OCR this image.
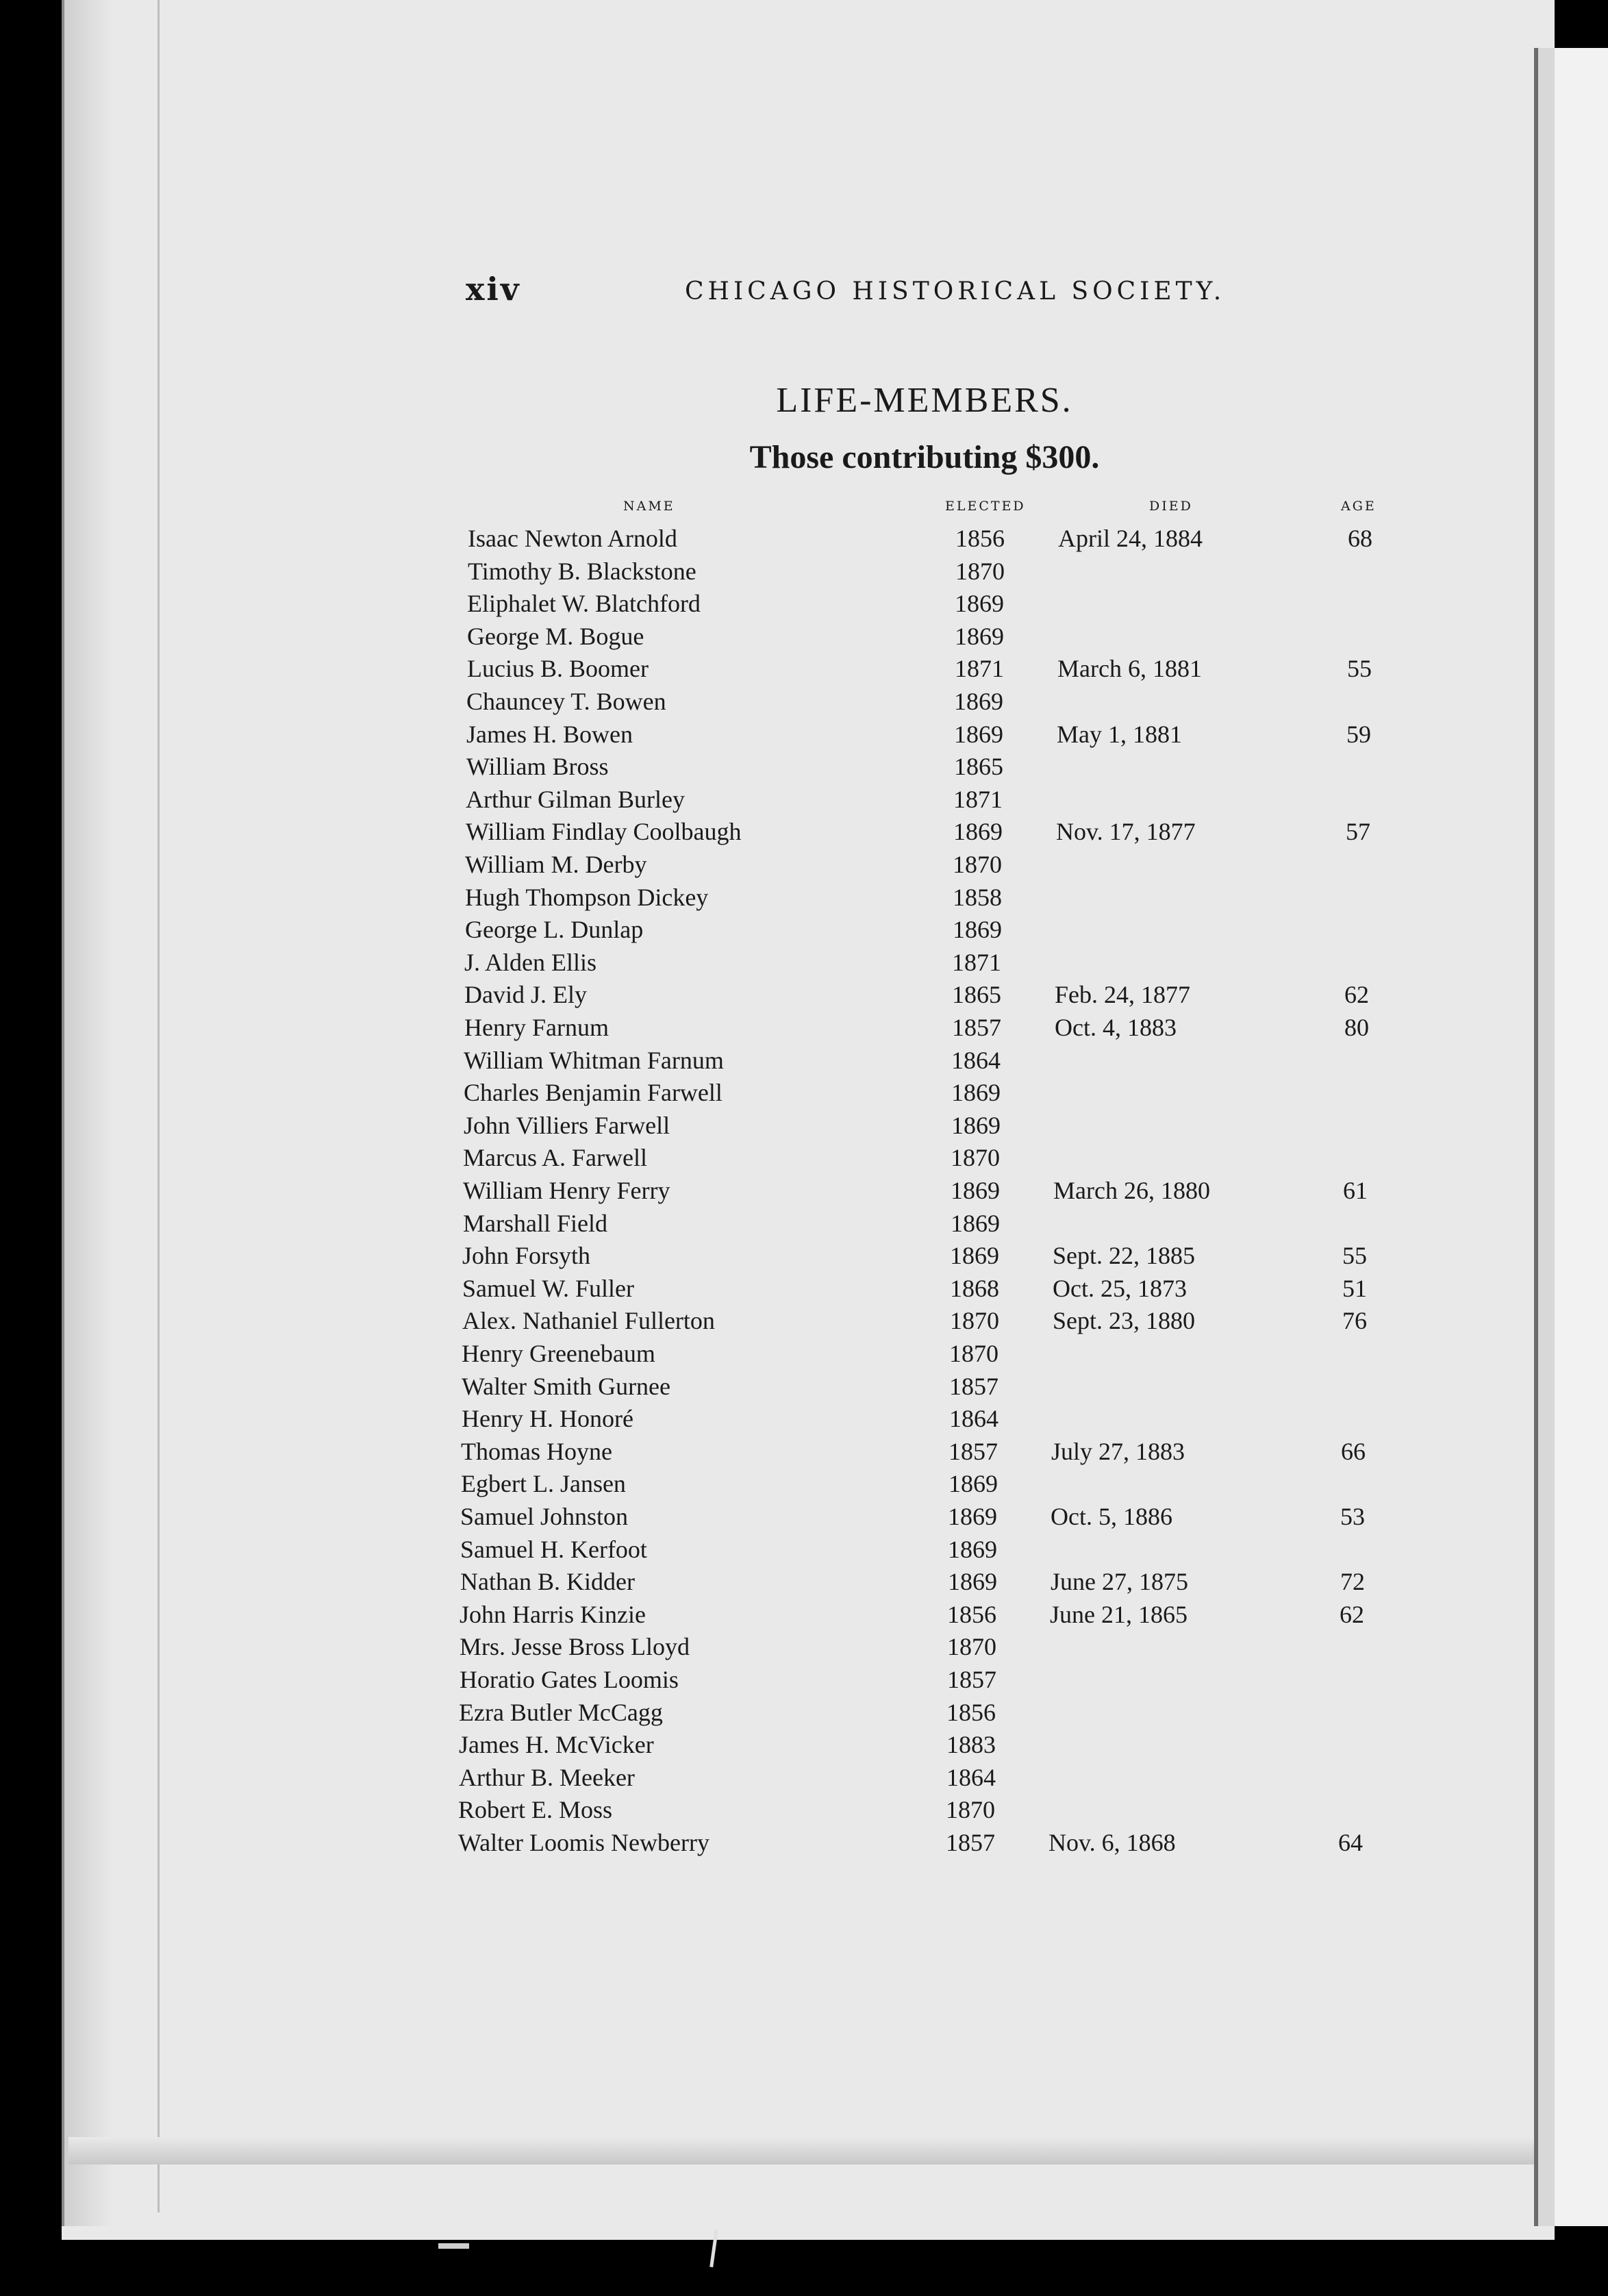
xiv	CHICAGO HISTORICAL SOCIETY.
LIFE-MEMBERS.
Those contributing $300.
NAME	ELECTED	DIED	AGE
Isaac Newton Arnold	1856 April 24, 1884	68
Timothy B. Blackstone	1870
Eliphalet W. Blatchford	1869
George M. Bogue	1869
Lucius B. Boomer	1871 March 6, 1881	55
Chauncey T. Bowen	1869
James H. Bowen	1869 May 1, 1881	59
William Bross	1865
Arthur Gilman Burley	1871
William Findlay Coolbaugh	1869 Nov. 17, 1877	57
William M. Derby	1870
Hugh Thompson Dickey	1858
George L. Dunlap	1869
J. Alden Ellis	1871
David J. Ely	1865 Feb. 24, 1877	62
Henry Farnum	1857 Oct. 4, 1883	80
William Whitman Farnum	1864
Charles Benjamin Farwell	1869
John Villiers Farwell	1869
Marcus A. Farwell	1870
William Henry Ferry	1869 March 26, 1880	61
Marshall Field	1869
John Forsyth	1869 Sept. 22, 1885	55
Samuel W. Fuller	1868 Oct. 25, 1873	51
Alex. Nathaniel Fullerton	1870 Sept. 23, 1880	76
Henry Greenebaum	1870
Walter Smith Gurnee	1857
Henry H. Honoré	1864
Thomas Hoyne	1857 July 27, 1883	66
Egbert L. Jansen	1869
Samuel Johnston	1869 Oct. 5, 1886	53
Samuel H. Kerfoot	1869
Nathan B. Kidder	1869 June 27, 1875	72
John Harris Kinzie	1856 June 21, 1865	62
Mrs. Jesse Bross Lloyd	1870
Horatio Gates Loomis	1857
Ezra Butler McCagg	1856
James H. McVicker	1883
Arthur B. Meeker	1864
Robert E. Moss	1870
Walter Loomis Newberry	1857 Nov. 6, 1868	64
